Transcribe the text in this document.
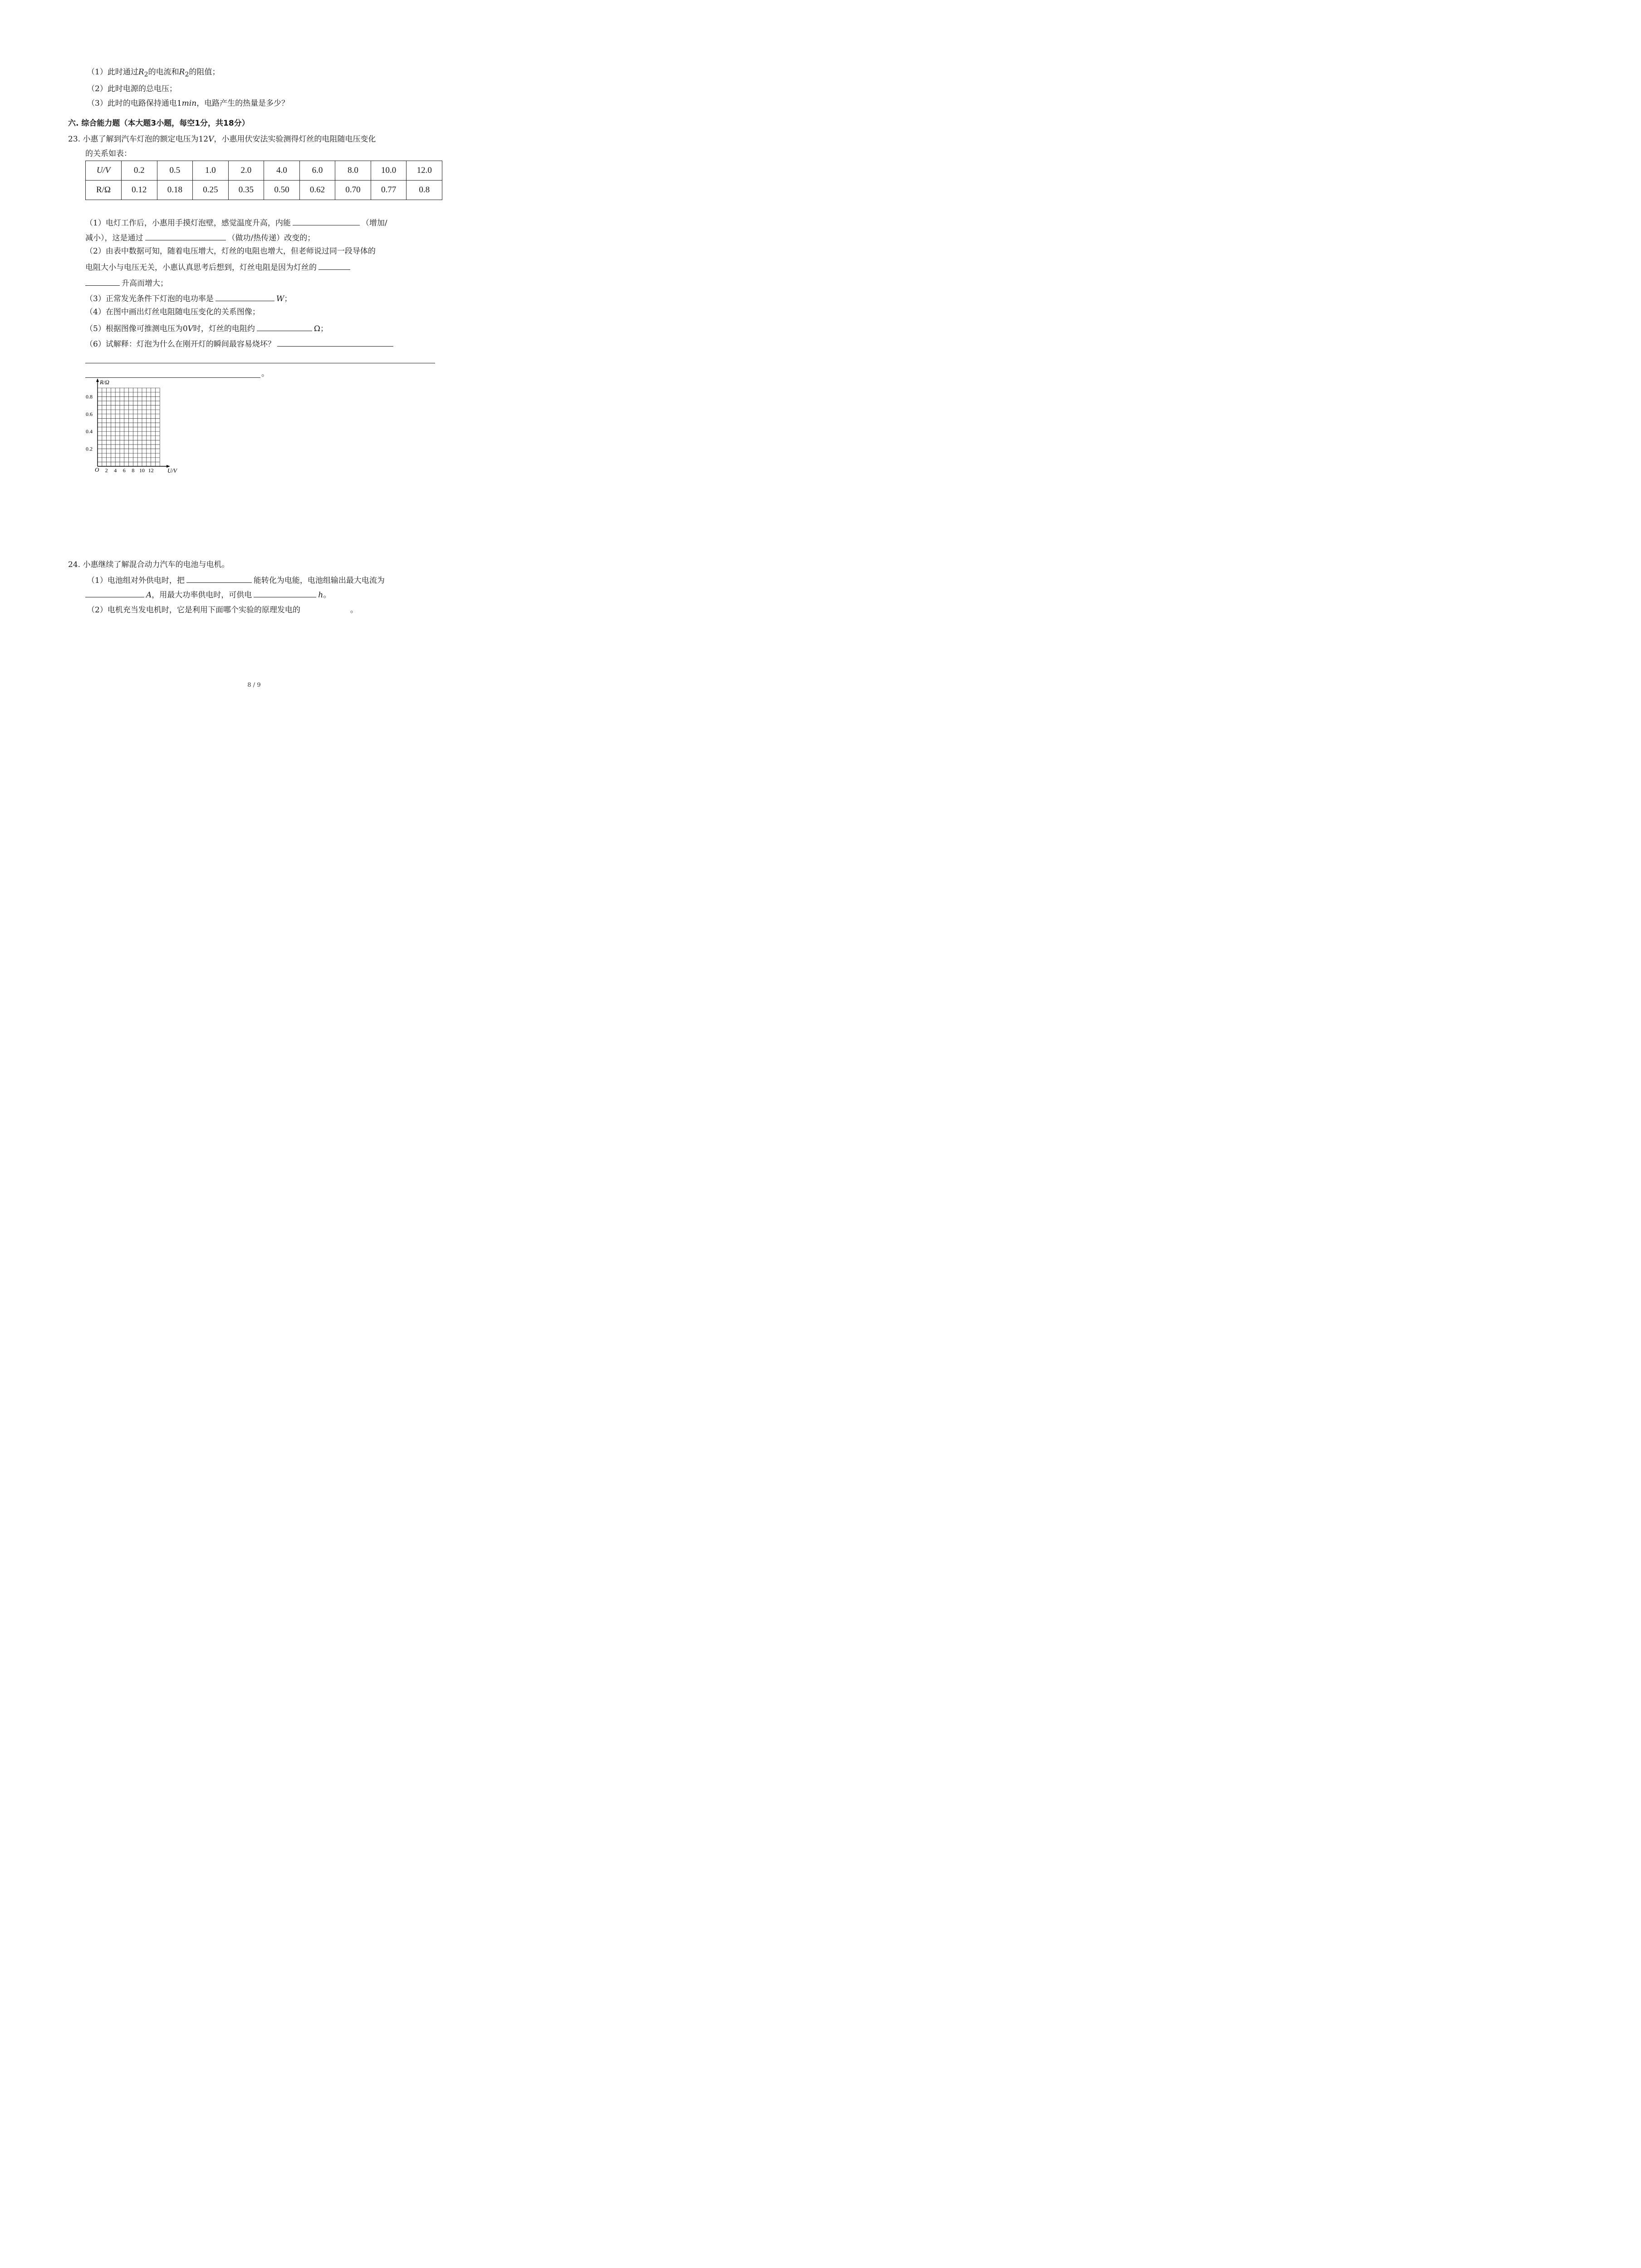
（1）此时通过$R_2$的电流和$R_2$的阻值；
（2）此时电源的总电压；
（3）此时的电路保持通电1min，电路产生的热量是多少？
六. 综合能力题（本大题3小题，每空1分，共18分）
23. 小惠了解到汽车灯泡的额定电压为12V，小惠用伏安法实验测得灯丝的电阻随电压变化
的关系如表：
U/V	0.2	0.5	1.0	2.0	4.0	6.0	8.0	10.0	12.0
R/Ω	0.12	0.18	0.25	0.35	0.50	0.62	0.70	0.77	0.8
（1）电灯工作后，小惠用手摸灯泡壁，感觉温度升高，内能	（增加/
减小），这是通过	（做功/热传递）改变的；
（2）由表中数据可知，随着电压增大，灯丝的电阻也增大，但老师说过同一段导体的
电阻大小与电压无关，小惠认真思考后想到，灯丝电阻是因为灯丝的
升高而增大；
（3）正常发光条件下灯泡的电功率是	W；
（4）在图中画出灯丝电阻随电压变化的关系图像；
（5）根据图像可推测电压为0V时，灯丝的电阻约	Ω；
（6）试解释：灯泡为什么在刚开灯的瞬间最容易烧坏？
。
R/Ω
U/V
O
0.2
0.4
0.6
0.8
2 4 6 8 10 12
24. 小惠继续了解混合动力汽车的电池与电机。
（1）电池组对外供电时，把	能转化为电能，电池组输出最大电流为
A，用最大功率供电时，可供电	h。
（2）电机充当发电机时，它是利用下面哪个实验的原理发电的	。
8 / 9
